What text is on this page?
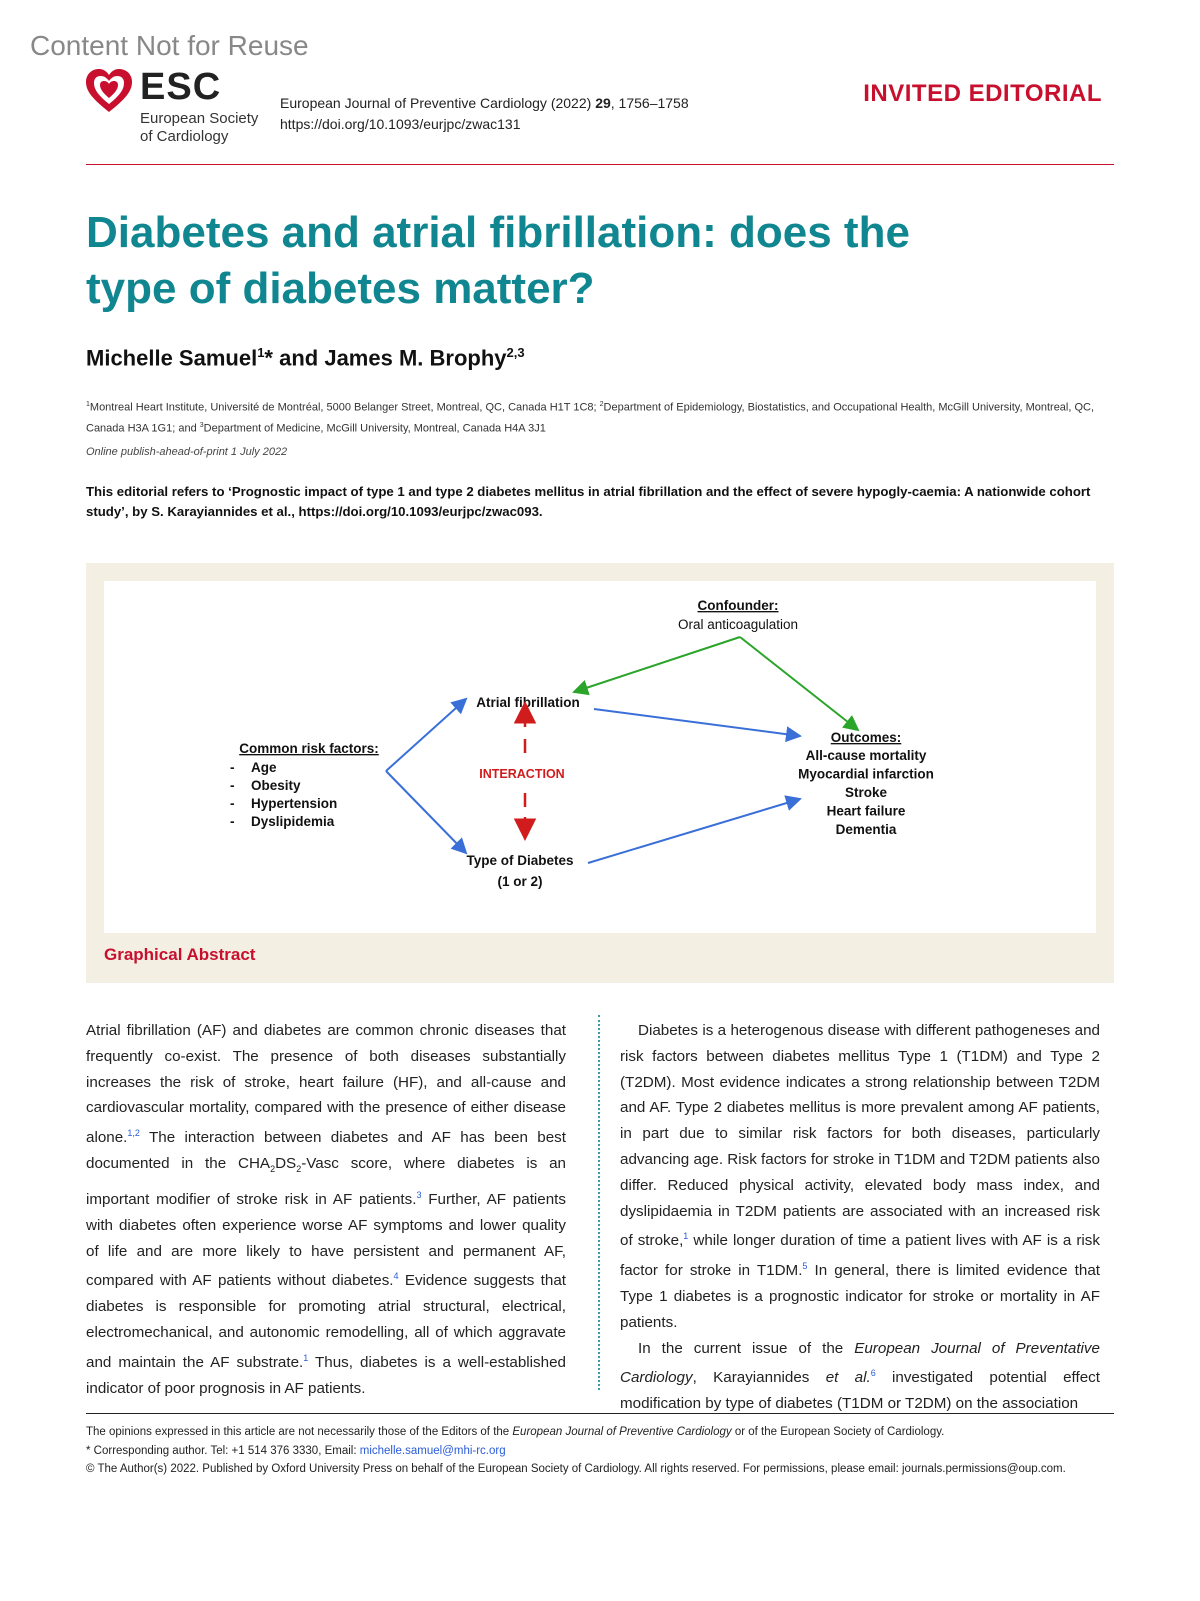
Content Not for Reuse
ESC
European Society
of Cardiology
European Journal of Preventive Cardiology (2022) 29, 1756–1758
https://doi.org/10.1093/eurjpc/zwac131
INVITED EDITORIAL
Diabetes and atrial fibrillation: does the
type of diabetes matter?
Michelle Samuel$^1$* and James M. Brophy$^{2,3}$
$^1$Montreal Heart Institute, Université de Montréal, 5000 Belanger Street, Montreal, QC, Canada H1T 1C8; $^2$Department of Epidemiology, Biostatistics, and Occupational Health, McGill University, Montreal, QC, Canada H3A 1G1; and $^3$Department of Medicine, McGill University, Montreal, Canada H4A 3J1
Online publish-ahead-of-print 1 July 2022
This editorial refers to ‘Prognostic impact of type 1 and type 2 diabetes mellitus in atrial fibrillation and the effect of severe hypogly-caemia: A nationwide cohort study’, by S. Karayiannides et al., https://doi.org/10.1093/eurjpc/zwac093.
Confounder:
Oral anticoagulation
Atrial fibrillation
Common risk factors:
- Age
- Obesity
- Hypertension
- Dyslipidemia
INTERACTION
Type of Diabetes
(1 or 2)
Outcomes:
All-cause mortality
Myocardial infarction
Stroke
Heart failure
Dementia
Graphical Abstract

Atrial fibrillation (AF) and diabetes are common chronic diseases that frequently co-exist. The presence of both diseases substantially increases the risk of stroke, heart failure (HF), and all-cause and cardiovascular mortality, compared with the presence of either disease alone.$^{1,2}$ The interaction between diabetes and AF has been best documented in the $CHA_2DS_2$-Vasc score, where diabetes is an important modifier of stroke risk in AF patients.$^3$ Further, AF patients with diabetes often experience worse AF symptoms and lower quality of life and are more likely to have persistent and permanent AF, compared with AF patients without diabetes.$^4$ Evidence suggests that diabetes is responsible for promoting atrial structural, electrical, electromechanical, and autonomic remodelling, all of which aggravate and maintain the AF substrate.$^1$ Thus, diabetes is a well-established indicator of poor prognosis in AF patients.

Diabetes is a heterogenous disease with different pathogeneses and risk factors between diabetes mellitus Type 1 (T1DM) and Type 2 (T2DM). Most evidence indicates a strong relationship between T2DM and AF. Type 2 diabetes mellitus is more prevalent among AF patients, in part due to similar risk factors for both diseases, particularly advancing age. Risk factors for stroke in T1DM and T2DM patients also differ. Reduced physical activity, elevated body mass index, and dyslipidaemia in T2DM patients are associated with an increased risk of stroke,$^1$ while longer duration of time a patient lives with AF is a risk factor for stroke in T1DM.$^5$ In general, there is limited evidence that Type 1 diabetes is a prognostic indicator for stroke or mortality in AF patients.

In the current issue of the European Journal of Preventative Cardiology, Karayiannides et al.$^6$ investigated potential effect modification by type of diabetes (T1DM or T2DM) on the association

The opinions expressed in this article are not necessarily those of the Editors of the European Journal of Preventive Cardiology or of the European Society of Cardiology.

* Corresponding author. Tel: +1 514 376 3330, Email: michelle.samuel@mhi-rc.org

© The Author(s) 2022. Published by Oxford University Press on behalf of the European Society of Cardiology. All rights reserved. For permissions, please email: journals.permissions@oup.com.
